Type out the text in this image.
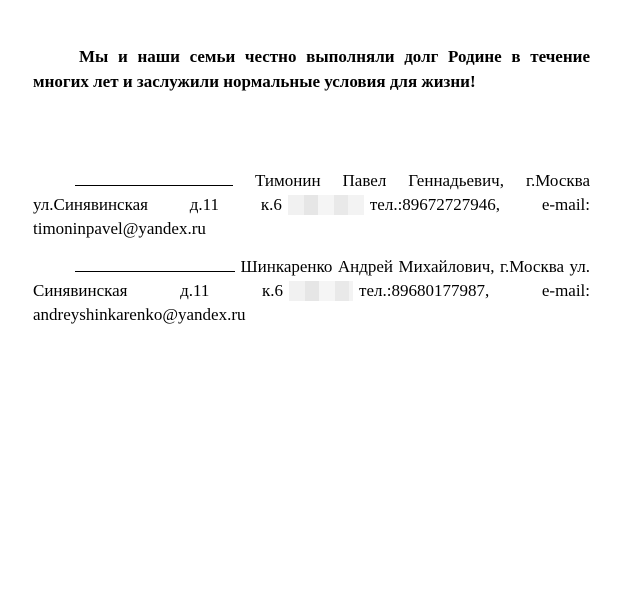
Мы и наши семьи честно выполняли долг Родине в течение многих лет и заслужили нормальные условия для жизни!

Тимонин Павел Геннадьевич, г.Москва ул.Синявинская д.11 к.6	тел.:89672727946, e-mail: timoninpavel@yandex.ru

Шинкаренко Андрей Михайлович, г.Москва ул. Синявинская д.11 к.6	тел.:89680177987,	e-mail: andreyshinkarenko@yandex.ru
